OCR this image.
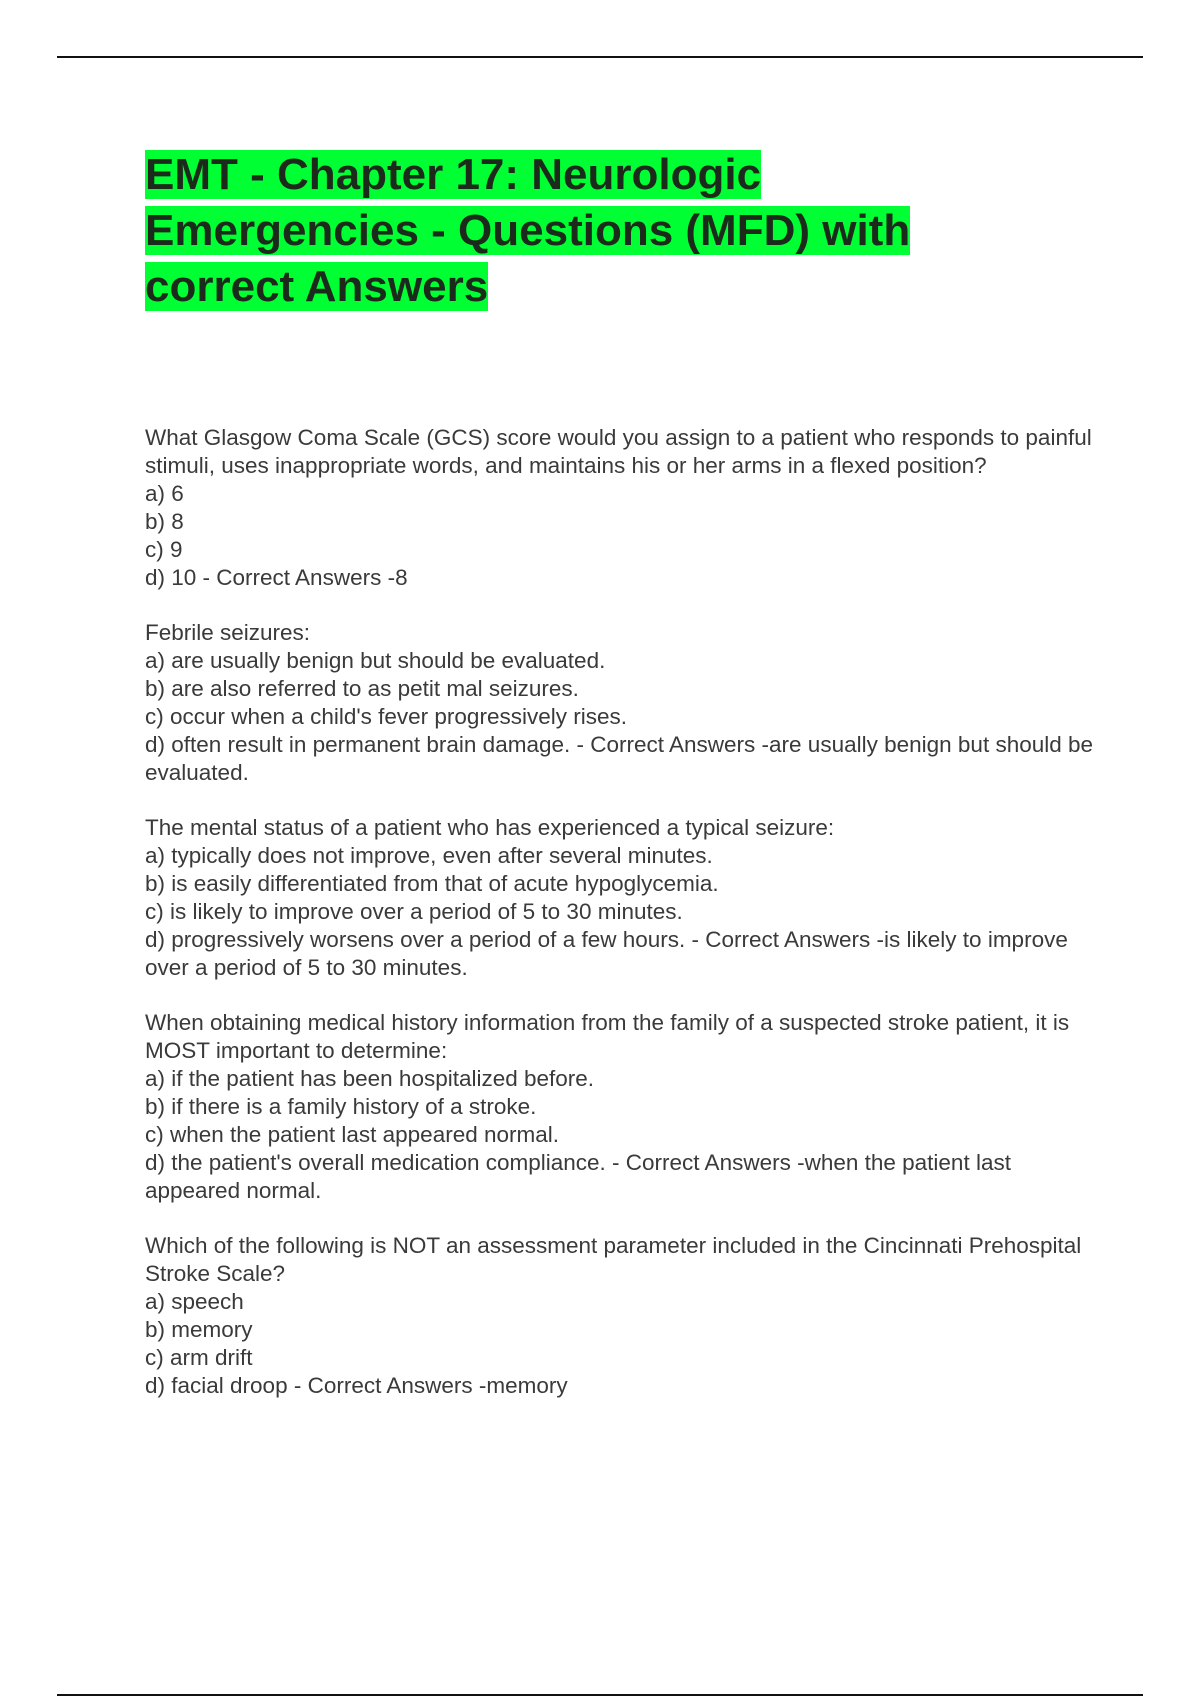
EMT - Chapter 17: Neurologic Emergencies - Questions (MFD) with correct Answers

What Glasgow Coma Scale (GCS) score would you assign to a patient who responds to painful stimuli, uses inappropriate words, and maintains his or her arms in a flexed position?

a) 6

b) 8

c) 9

d) 10 - Correct Answers -8

Febrile seizures:

a) are usually benign but should be evaluated.

b) are also referred to as petit mal seizures.

c) occur when a child's fever progressively rises.

d) often result in permanent brain damage. - Correct Answers -are usually benign but should be evaluated.

The mental status of a patient who has experienced a typical seizure:

a) typically does not improve, even after several minutes.

b) is easily differentiated from that of acute hypoglycemia.

c) is likely to improve over a period of 5 to 30 minutes.

d) progressively worsens over a period of a few hours. - Correct Answers -is likely to improve over a period of 5 to 30 minutes.

When obtaining medical history information from the family of a suspected stroke patient, it is MOST important to determine:

a) if the patient has been hospitalized before.

b) if there is a family history of a stroke.

c) when the patient last appeared normal.

d) the patient's overall medication compliance. - Correct Answers -when the patient last appeared normal.

Which of the following is NOT an assessment parameter included in the Cincinnati Prehospital Stroke Scale?

a) speech

b) memory

c) arm drift

d) facial droop - Correct Answers -memory
